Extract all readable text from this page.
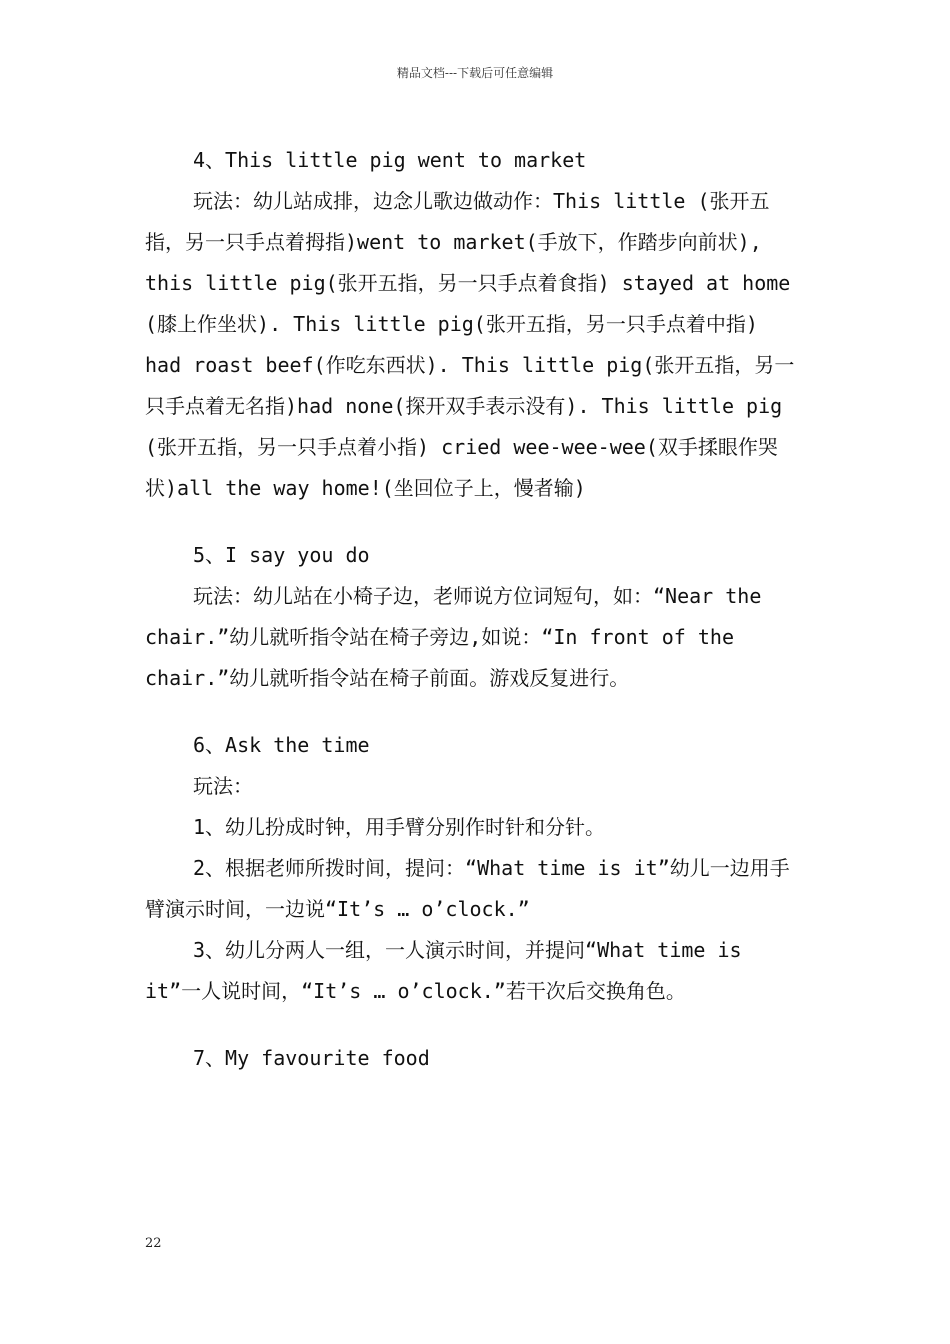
精品文档---下载后可任意编辑

4、This little pig went to market

玩法：幼儿站成排，边念儿歌边做动作：This little (张开五指，另一只手点着拇指)went to market(手放下，作踏步向前状), this little pig(张开五指，另一只手点着食指) stayed at home (膝上作坐状). This little pig(张开五指，另一只手点着中指) had roast beef(作吃东西状). This little pig(张开五指，另一只手点着无名指)had none(探开双手表示没有). This little pig (张开五指，另一只手点着小指) cried wee-wee-wee(双手揉眼作哭状)all the way home!(坐回位子上，慢者输)

5、I say you do

玩法：幼儿站在小椅子边，老师说方位词短句，如：“Near the chair.”幼儿就听指令站在椅子旁边,如说：“In front of the chair.”幼儿就听指令站在椅子前面。游戏反复进行。

6、Ask the time

玩法：

1、幼儿扮成时钟，用手臂分别作时针和分针。

2、根据老师所拨时间，提问：“What time is it”幼儿一边用手臂演示时间，一边说“It’s … o’clock.”

3、幼儿分两人一组，一人演示时间，并提问“What time is it”一人说时间，“It’s … o’clock.”若干次后交换角色。

7、My favourite food

22
